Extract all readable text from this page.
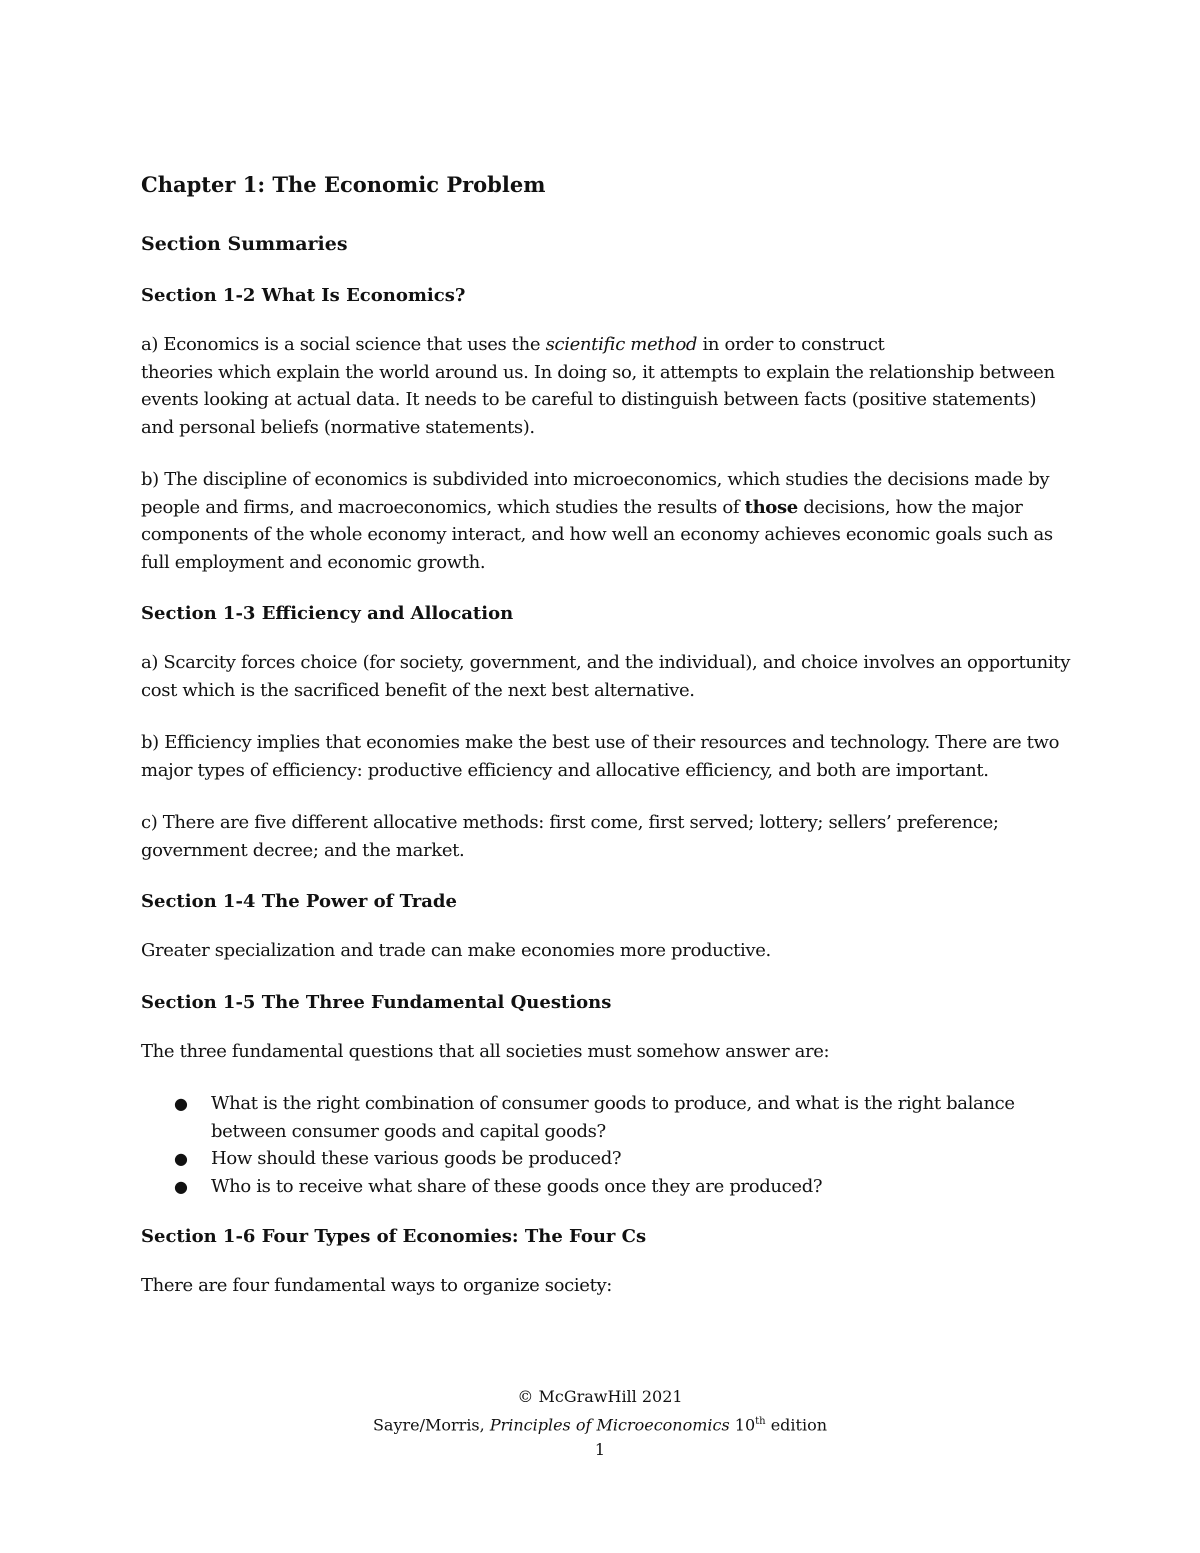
Chapter 1: The Economic Problem
Section Summaries
Section 1-2 What Is Economics?

a) Economics is a social science that uses the scientific method in order to construct
theories which explain the world around us. In doing so, it attempts to explain the relationship between events looking at actual data. It needs to be careful to distinguish between facts (positive statements) and personal beliefs (normative statements).

b) The discipline of economics is subdivided into microeconomics, which studies the decisions made by people and firms, and macroeconomics, which studies the results of those decisions, how the major components of the whole economy interact, and how well an economy achieves economic goals such as full employment and economic growth.

Section 1-3 Efficiency and Allocation

a) Scarcity forces choice (for society, government, and the individual), and choice involves an opportunity cost which is the sacrificed benefit of the next best alternative.

b) Efficiency implies that economies make the best use of their resources and technology. There are two major types of efficiency: productive efficiency and allocative efficiency, and both are important.

c) There are five different allocative methods: first come, first served; lottery; sellers’ preference; government decree; and the market.

Section 1-4 The Power of Trade

Greater specialization and trade can make economies more productive.

Section 1-5 The Three Fundamental Questions

The three fundamental questions that all societies must somehow answer are:

● What is the right combination of consumer goods to produce, and what is the right balance between consumer goods and capital goods?
● How should these various goods be produced?
● Who is to receive what share of these goods once they are produced?
Section 1-6 Four Types of Economies: The Four Cs

There are four fundamental ways to organize society:

© McGrawHill 2021
Sayre/Morris, Principles of Microeconomics 10th edition
1
